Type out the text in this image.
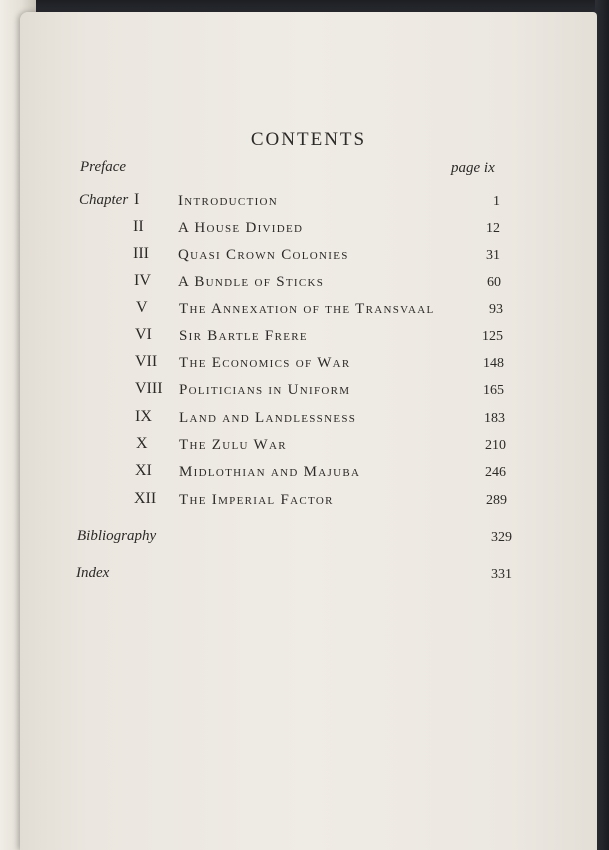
CONTENTS
Preface	page ix
Chapter I	Introduction	1
II A House Divided	12
III Quasi Crown Colonies	31
IV A Bundle of Sticks	60
V The Annexation of the Transvaal	93
VI Sir Bartle Frere	125
VII The Economics of War	148
VIII Politicians in Uniform	165
IX Land and Landlessness	183
X The Zulu War	210
XI Midlothian and Majuba	246
XII The Imperial Factor	289
Bibliography	329
Index	331
